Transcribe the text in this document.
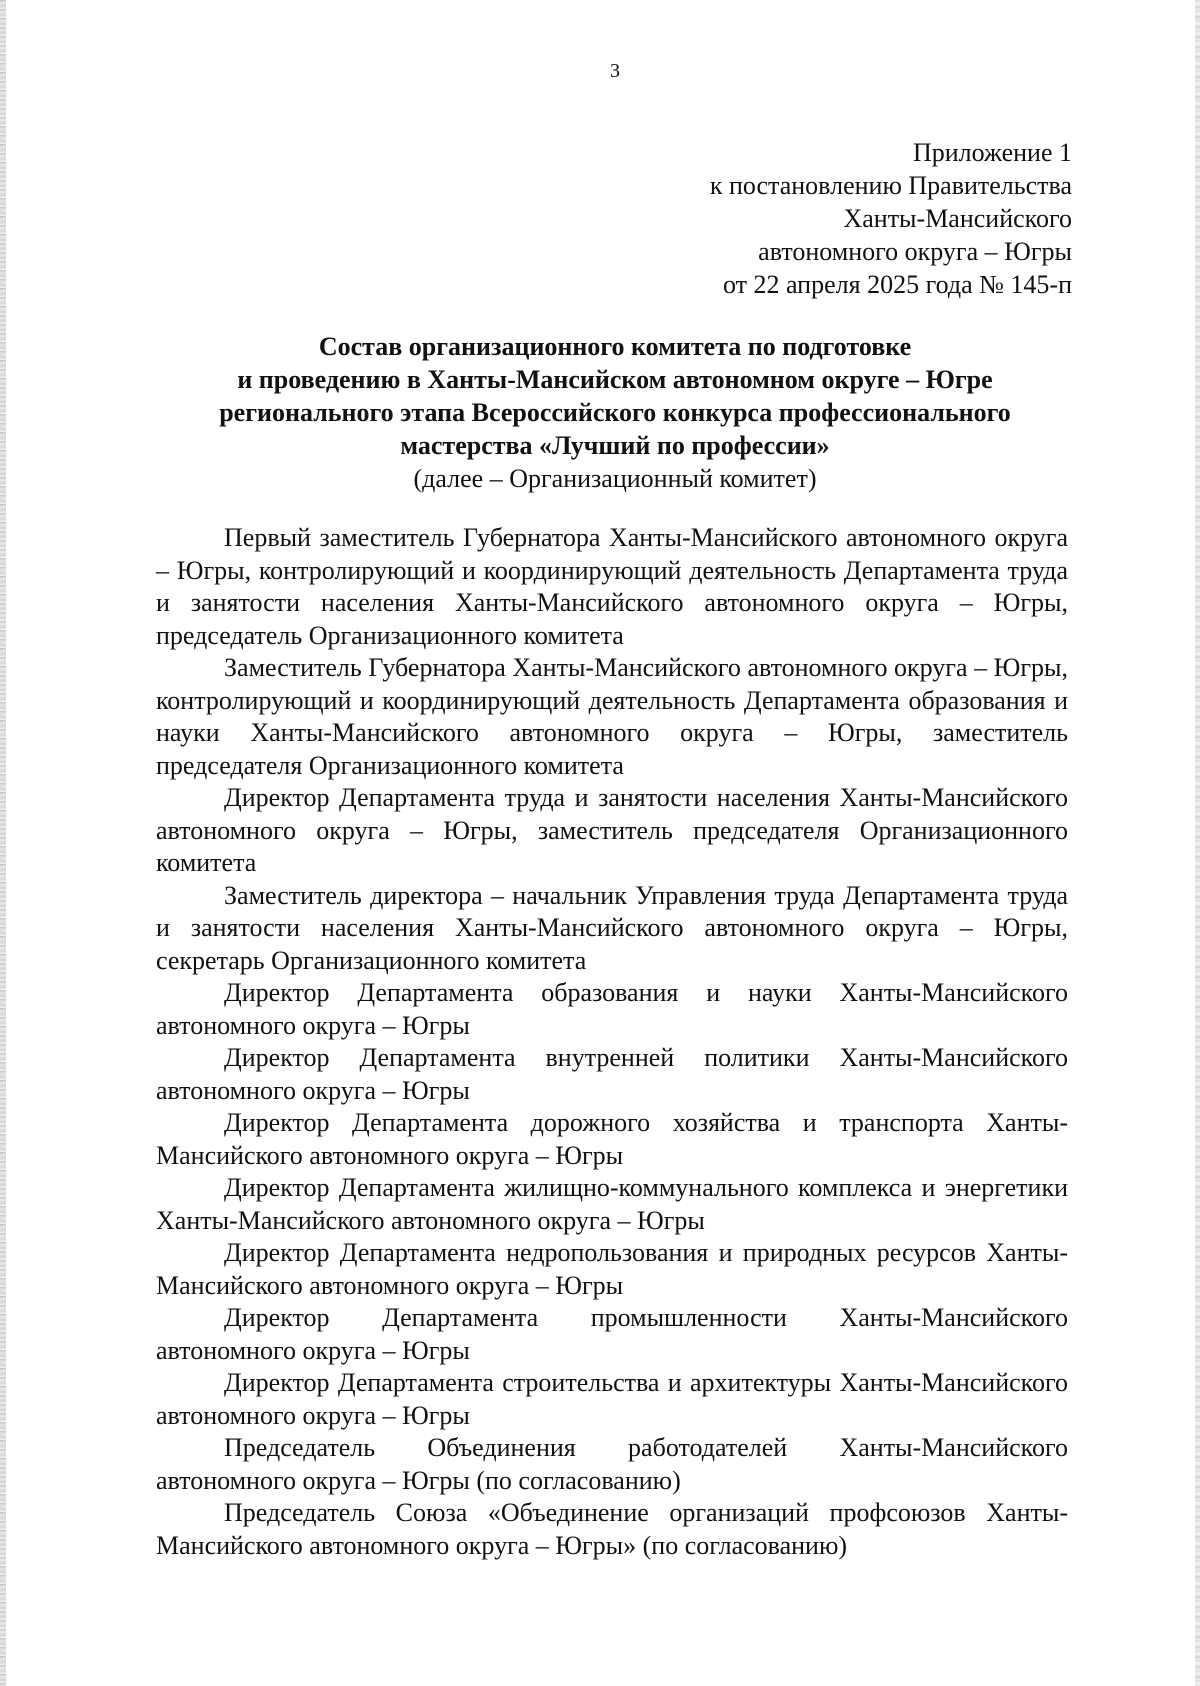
3
Приложение 1
к постановлению Правительства
Ханты-Мансийского
автономного округа – Югры
от 22 апреля 2025 года № 145-п
Состав организационного комитета по подготовке
и проведению в Ханты-Мансийском автономном округе – Югре
регионального этапа Всероссийского конкурса профессионального
мастерства «Лучший по профессии»
(далее – Организационный комитет)

Первый заместитель Губернатора Ханты-Мансийского автономного округа – Югры, контролирующий и координирующий деятельность Департамента труда и занятости населения Ханты-Мансийского автономного округа – Югры, председатель Организационного комитета

Заместитель Губернатора Ханты-Мансийского автономного округа – Югры, контролирующий и координирующий деятельность Департамента образования и науки Ханты-Мансийского автономного округа – Югры, заместитель председателя Организационного комитета

Директор Департамента труда и занятости населения Ханты-Мансийского автономного округа – Югры, заместитель председателя Организационного комитета

Заместитель директора – начальник Управления труда Департамента труда и занятости населения Ханты-Мансийского автономного округа – Югры, секретарь Организационного комитета

Директор Департамента образования и науки Ханты-Мансийского автономного округа – Югры

Директор Департамента внутренней политики Ханты-Мансийского автономного округа – Югры

Директор Департамента дорожного хозяйства и транспорта Ханты-Мансийского автономного округа – Югры

Директор Департамента жилищно-коммунального комплекса и энергетики Ханты-Мансийского автономного округа – Югры

Директор Департамента недропользования и природных ресурсов Ханты-Мансийского автономного округа – Югры

Директор Департамента промышленности Ханты-Мансийского автономного округа – Югры

Директор Департамента строительства и архитектуры Ханты-Мансийского автономного округа – Югры

Председатель Объединения работодателей Ханты-Мансийского автономного округа – Югры (по согласованию)

Председатель Союза «Объединение организаций профсоюзов Ханты-Мансийского автономного округа – Югры» (по согласованию)
